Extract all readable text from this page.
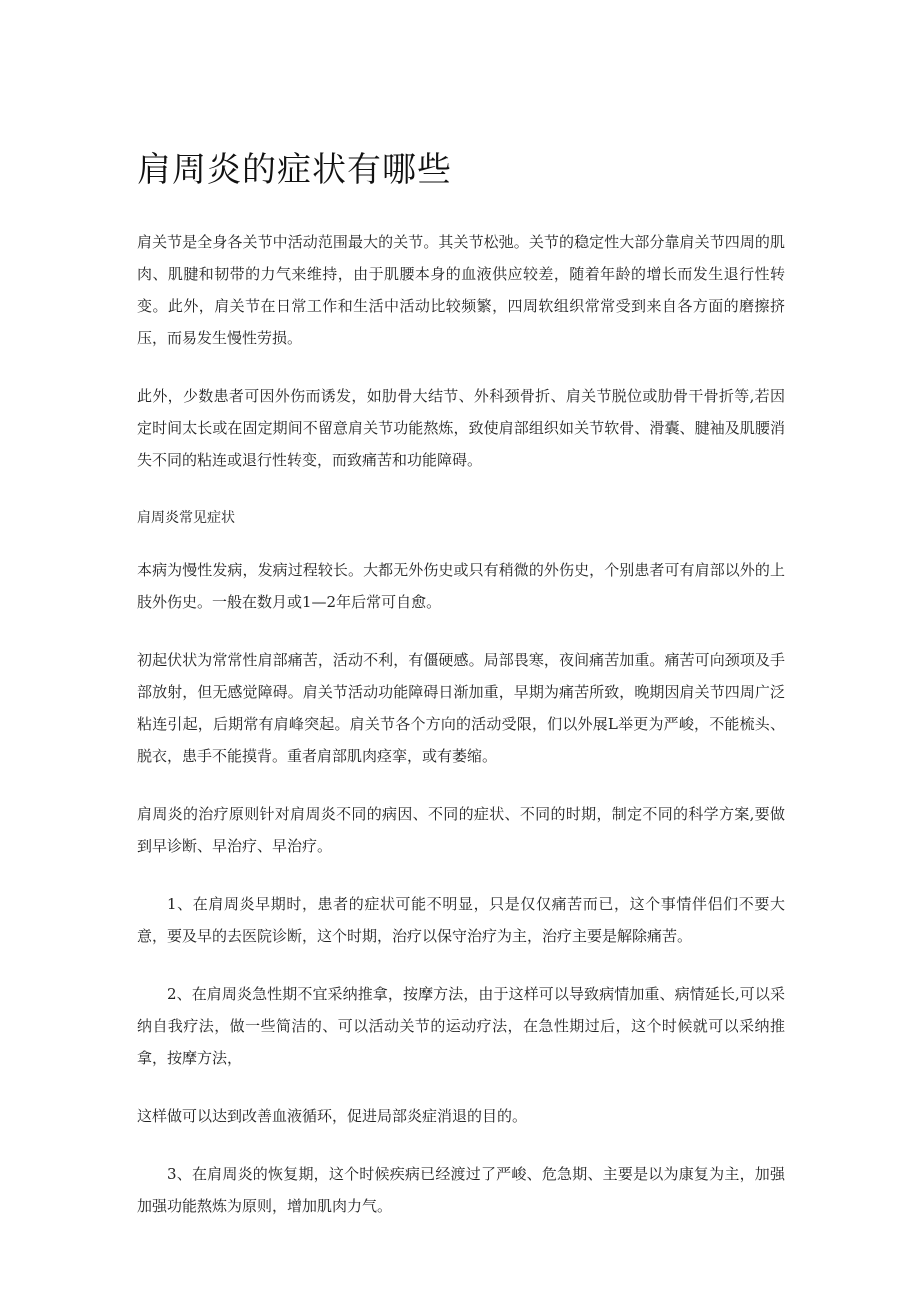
肩周炎的症状有哪些

肩关节是全身各关节中活动范围最大的关节。其关节松弛。关节的稳定性大部分靠肩关节四周的肌肉、肌腱和韧带的力气来维持，由于肌腰本身的血液供应较差，随着年龄的增长而发生退行性转变。此外，肩关节在日常工作和生活中活动比较频繁，四周软组织常常受到来自各方面的磨擦挤压，而易发生慢性劳损。

此外，少数患者可因外伤而诱发，如肋骨大结节、外科颈骨折、肩关节脱位或肋骨干骨折等,若因定时间太长或在固定期间不留意肩关节功能熬炼，致使肩部组织如关节软骨、滑囊、腱袖及肌腰消失不同的粘连或退行性转变，而致痛苦和功能障碍。

肩周炎常见症状

本病为慢性发病，发病过程较长。大都无外伤史或只有稍微的外伤史，个别患者可有肩部以外的上肢外伤史。一般在数月或1—2年后常可自愈。

初起伏状为常常性肩部痛苦，活动不利，有僵硬感。局部畏寒，夜间痛苦加重。痛苦可向颈项及手部放射，但无感觉障碍。肩关节活动功能障碍日渐加重，早期为痛苦所致，晚期因肩关节四周广泛粘连引起，后期常有肩峰突起。肩关节各个方向的活动受限，们以外展L举更为严峻，不能梳头、脱衣，患手不能摸背。重者肩部肌肉痉挛，或有萎缩。

肩周炎的治疗原则针对肩周炎不同的病因、不同的症状、不同的时期，制定不同的科学方案,要做到早诊断、早治疗、早治疗。

1、在肩周炎早期时，患者的症状可能不明显，只是仅仅痛苦而已，这个事情伴侣们不要大意，要及早的去医院诊断，这个时期，治疗以保守治疗为主，治疗主要是解除痛苦。

2、在肩周炎急性期不宜采纳推拿，按摩方法，由于这样可以导致病情加重、病情延长,可以采纳自我疗法，做一些简洁的、可以活动关节的运动疗法，在急性期过后，这个时候就可以采纳推拿，按摩方法，

这样做可以达到改善血液循环，促进局部炎症消退的目的。

3、在肩周炎的恢复期，这个时候疾病已经渡过了严峻、危急期、主要是以为康复为主，加强加强功能熬炼为原则，增加肌肉力气。
